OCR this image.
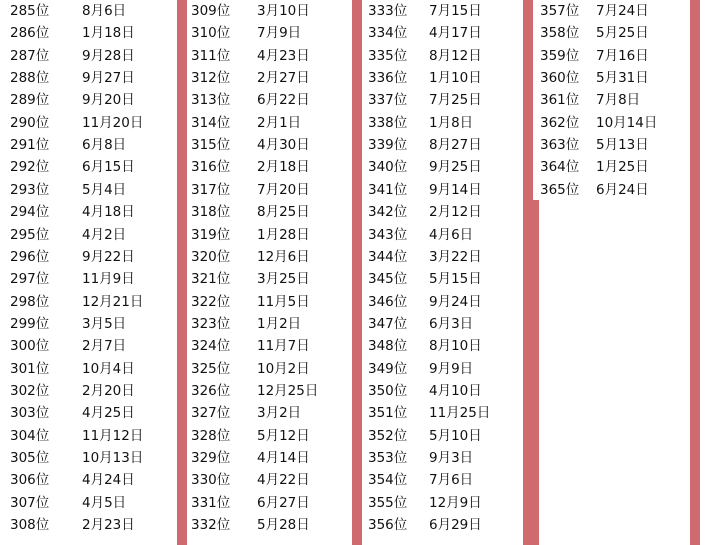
285位 8月6日
286位 1月18日
287位 9月28日
288位 9月27日
289位 9月20日
290位 11月20日
291位 6月8日
292位 6月15日
293位 5月4日
294位 4月18日
295位 4月2日
296位 9月22日
297位 11月9日
298位 12月21日
299位 3月5日
300位 2月7日
301位 10月4日
302位 2月20日
303位 4月25日
304位 11月12日
305位 10月13日
306位 4月24日
307位 4月5日
308位 2月23日
309位 3月10日
310位 7月9日
311位 4月23日
312位 2月27日
313位 6月22日
314位 2月1日
315位 4月30日
316位 2月18日
317位 7月20日
318位 8月25日
319位 1月28日
320位 12月6日
321位 3月25日
322位 11月5日
323位 1月2日
324位 11月7日
325位 10月2日
326位 12月25日
327位 3月2日
328位 5月12日
329位 4月14日
330位 4月22日
331位 6月27日
332位 5月28日
333位 7月15日
334位 4月17日
335位 8月12日
336位 1月10日
337位 7月25日
338位 1月8日
339位 8月27日
340位 9月25日
341位 9月14日
342位 2月12日
343位 4月6日
344位 3月22日
345位 5月15日
346位 9月24日
347位 6月3日
348位 8月10日
349位 9月9日
350位 4月10日
351位 11月25日
352位 5月10日
353位 9月3日
354位 7月6日
355位 12月9日
356位 6月29日
357位 7月24日
358位 5月25日
359位 7月16日
360位 5月31日
361位 7月8日
362位 10月14日
363位 5月13日
364位 1月25日
365位 6月24日
